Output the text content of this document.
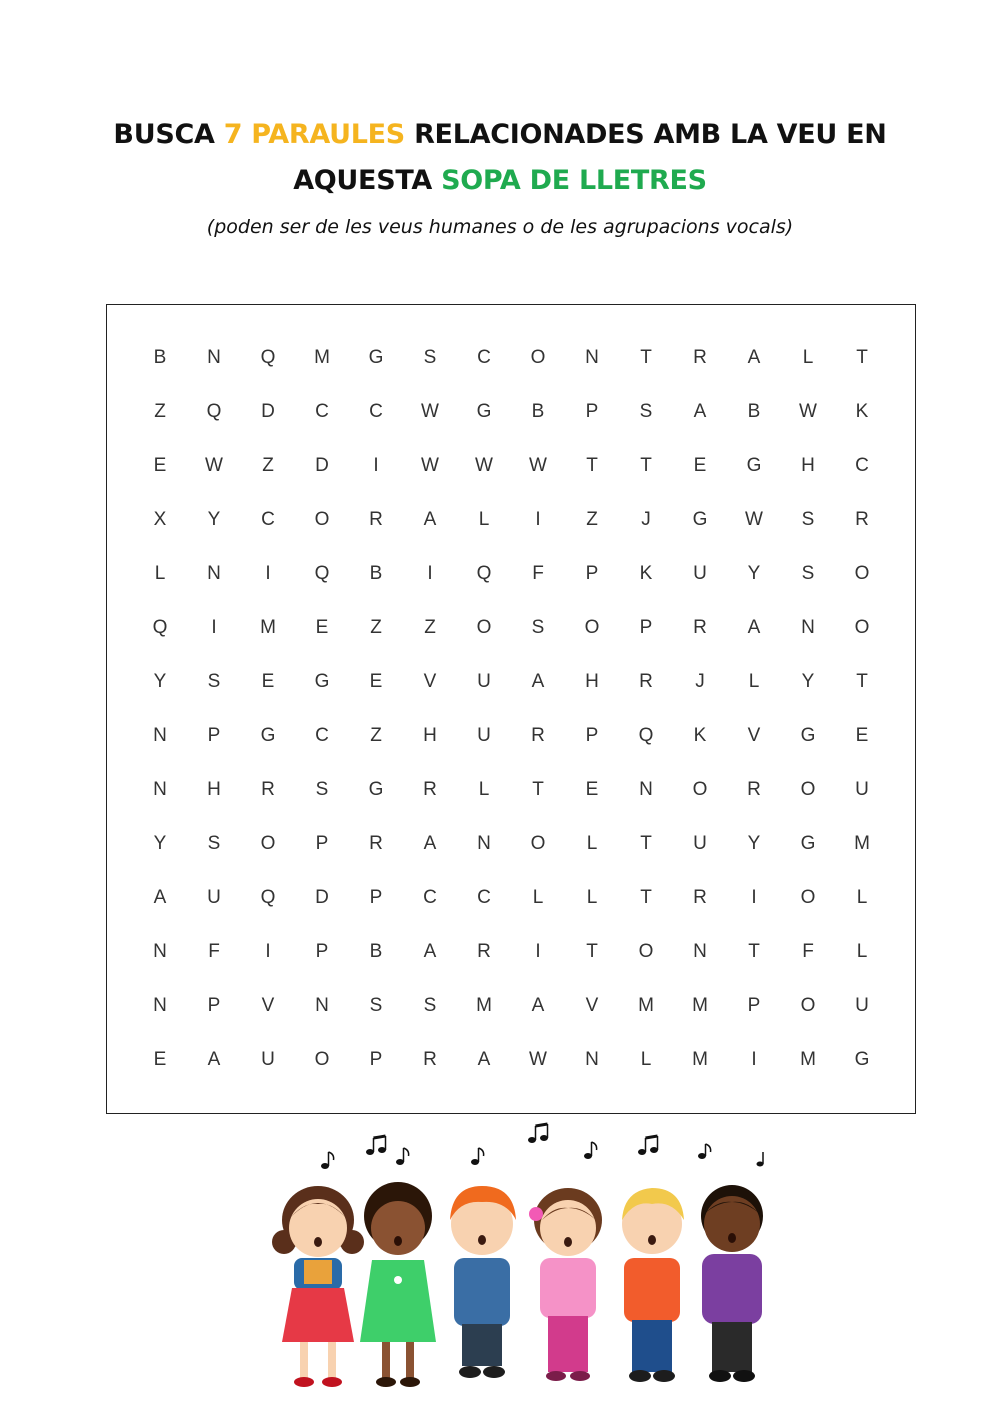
BUSCA 7 PARAULES RELACIONADES AMB LA VEU EN
AQUESTA SOPA DE LLETRES
(poden ser de les veus humanes o de les agrupacions vocals)
B	N	Q	M	G	S	C	O	N	T	R	A	L	T
Z	Q	D	C	C	W	G	B	P	S	A	B	W	K
E	W	Z	D	I	W	W	W	T	T	E	G	H	C
X	Y	C	O	R	A	L	I	Z	J	G	W	S	R
L	N	I	Q	B	I	Q	F	P	K	U	Y	S	O
Q	I	M	E	Z	Z	O	S	O	P	R	A	N	O
Y	S	E	G	E	V	U	A	H	R	J	L	Y	T
N	P	G	C	Z	H	U	R	P	Q	K	V	G	E
N	H	R	S	G	R	L	T	E	N	O	R	O	U
Y	S	O	P	R	A	N	O	L	T	U	Y	G	M
A	U	Q	D	P	C	C	L	L	T	R	I	O	L
N	F	I	P	B	A	R	I	T	O	N	T	F	L
N	P	V	N	S	S	M	A	V	M	M	P	O	U
E	A	U	O	P	R	A	W	N	L	M	I	M	G
